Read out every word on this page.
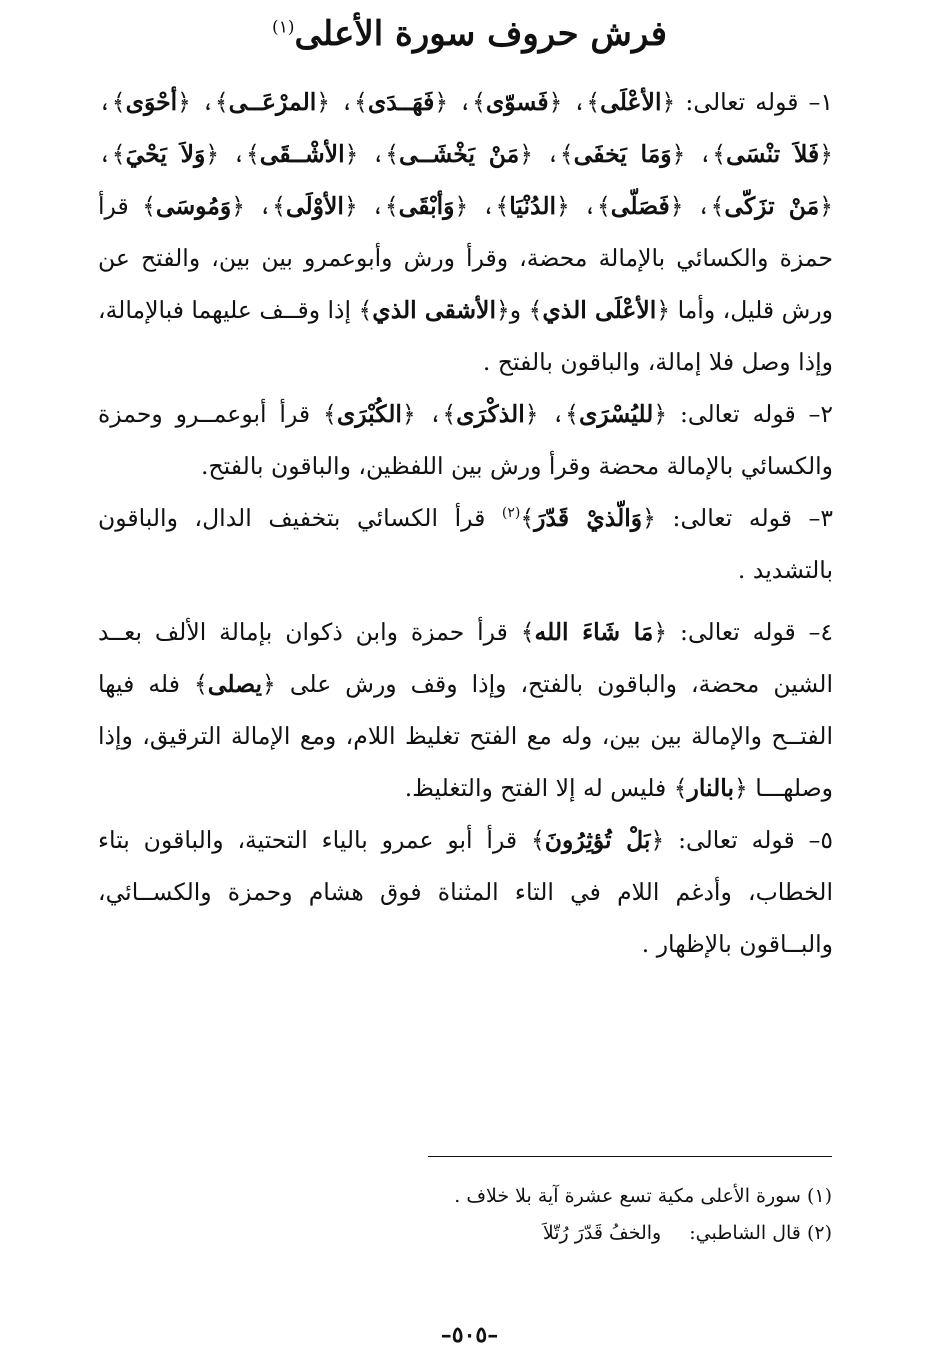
فرش حروف سورة الأعلى$^{(١)}$

١– قوله تعالى: ﴿الأعْلَى﴾، ﴿فَسوّى﴾، ﴿فَهَــدَى﴾، ﴿المرْعَــى﴾، ﴿أحْوَى﴾، ﴿فَلاَ تنْسَى﴾، ﴿وَمَا يَخفَى﴾، ﴿مَنْ يَخْشَــى﴾، ﴿الأشْــقَى﴾، ﴿وَلاَ يَحْيَ﴾، ﴿مَنْ تزَكّى﴾، ﴿فَصَلّى﴾، ﴿الدُنْيَا﴾، ﴿وَأبْقَى﴾، ﴿الأوْلَى﴾، ﴿وَمُوسَى﴾ قرأ حمزة والكسائي بالإمالة محضة، وقرأ ورش وأبوعمرو بين بين، والفتح عن ورش قليل، وأما ﴿الأعْلَى الذي﴾ و﴿الأشقى الذي﴾ إذا وقــف عليهما فبالإمالة، وإذا وصل فلا إمالة، والباقون بالفتح .

٢– قوله تعالى: ﴿لليُسْرَى﴾، ﴿الذكْرَى﴾، ﴿الكُبْرَى﴾ قرأ أبوعمــرو وحمزة والكسائي بالإمالة محضة وقرأ ورش بين اللفظين، والباقون بالفتح.

٣– قوله تعالى: ﴿وَالّذيْ قَدّرَ﴾$^{(٢)}$ قرأ الكسائي بتخفيف الدال، والباقون بالتشديد .

٤– قوله تعالى: ﴿مَا شَاءَ الله﴾ قرأ حمزة وابن ذكوان بإمالة الألف بعــد الشين محضة، والباقون بالفتح، وإذا وقف ورش على ﴿يصلى﴾ فله فيها الفتــح والإمالة بين بين، وله مع الفتح تغليظ اللام، ومع الإمالة الترقيق، وإذا وصلهـــا ﴿بالنار﴾ فليس له إلا الفتح والتغليظ.

٥– قوله تعالى: ﴿بَلْ تُؤثِرُونَ﴾ قرأ أبو عمرو بالياء التحتية، والباقون بتاء الخطاب، وأدغم اللام في التاء المثناة فوق هشام وحمزة والكســائي، والبــاقون بالإظهار .

(١) سورة الأعلى مكية تسع عشرة آية بلا خلاف .

(٢) قال الشاطبي: والخفُ قَدّرَ رُتّلاَ

–٥٠٥–
